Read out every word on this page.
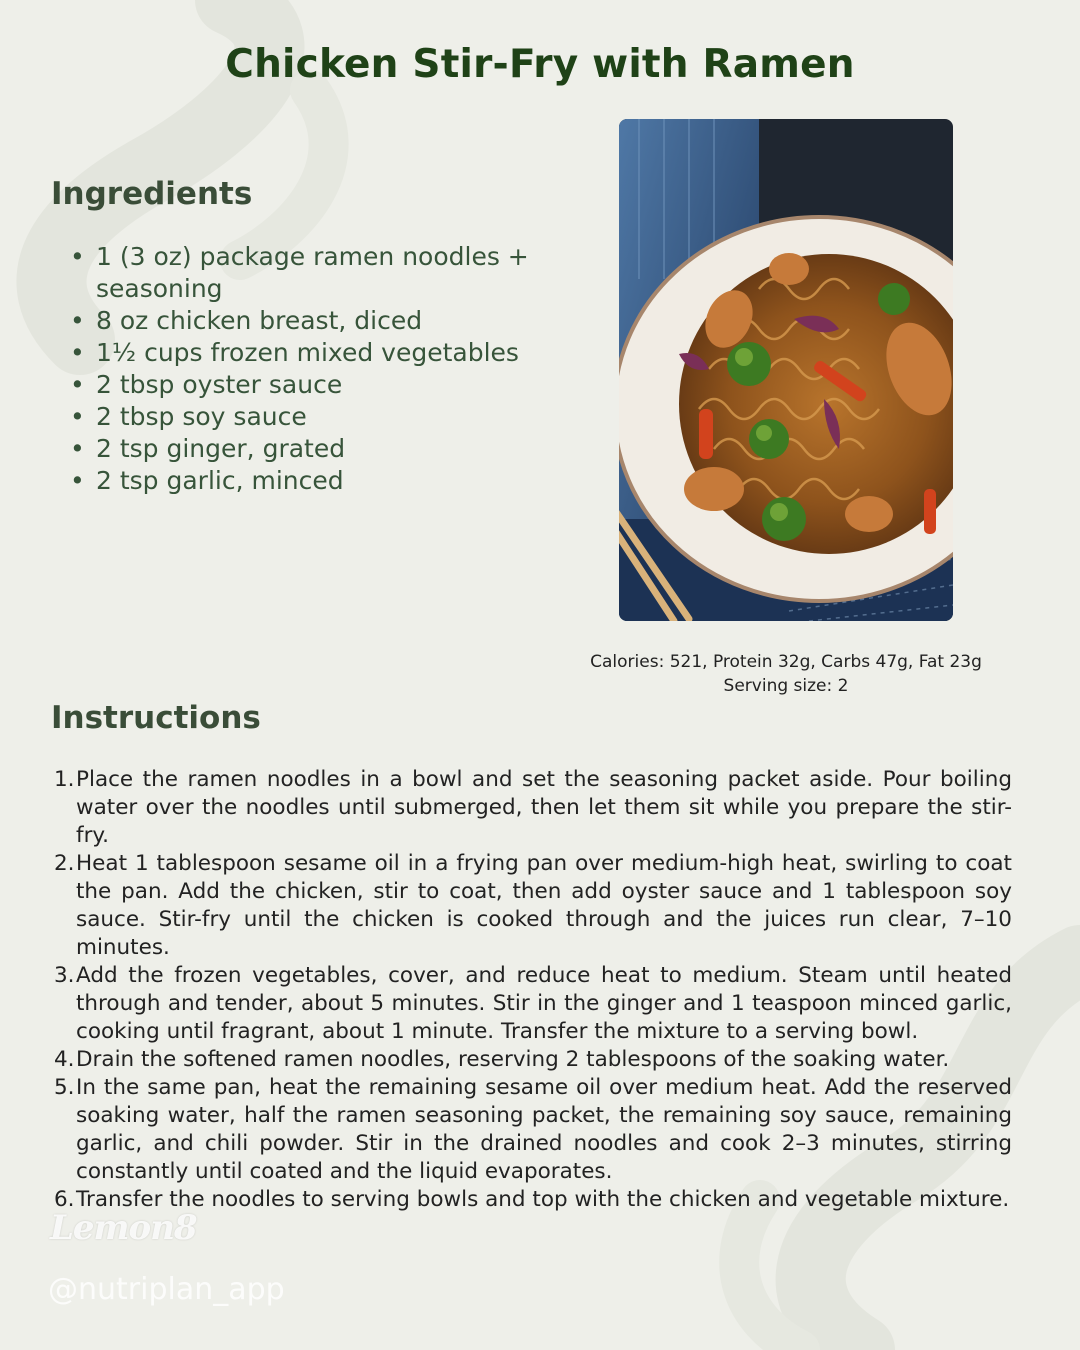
Chicken Stir-Fry with Ramen
Ingredients
• 1 (3 oz) package ramen noodles + seasoning
• 8 oz chicken breast, diced
• 1½ cups frozen mixed vegetables
• 2 tbsp oyster sauce
• 2 tbsp soy sauce
• 2 tsp ginger, grated
• 2 tsp garlic, minced
Calories: 521, Protein 32g, Carbs 47g, Fat 23g
Serving size: 2
Instructions
1. Place the ramen noodles in a bowl and set the seasoning packet aside. Pour boiling water over the noodles until submerged, then let them sit while you prepare the stir-fry.
2. Heat 1 tablespoon sesame oil in a frying pan over medium-high heat, swirling to coat the pan. Add the chicken, stir to coat, then add oyster sauce and 1 tablespoon soy sauce. Stir-fry until the chicken is cooked through and the juices run clear, 7–10 minutes.
3. Add the frozen vegetables, cover, and reduce heat to medium. Steam until heated through and tender, about 5 minutes. Stir in the ginger and 1 teaspoon minced garlic, cooking until fragrant, about 1 minute. Transfer the mixture to a serving bowl.
4. Drain the softened ramen noodles, reserving 2 tablespoons of the soaking water.
5. In the same pan, heat the remaining sesame oil over medium heat. Add the reserved soaking water, half the ramen seasoning packet, the remaining soy sauce, remaining garlic, and chili powder. Stir in the drained noodles and cook 2–3 minutes, stirring constantly until coated and the liquid evaporates.
6. Transfer the noodles to serving bowls and top with the chicken and vegetable mixture.
Lemon8
@nutriplan_app
